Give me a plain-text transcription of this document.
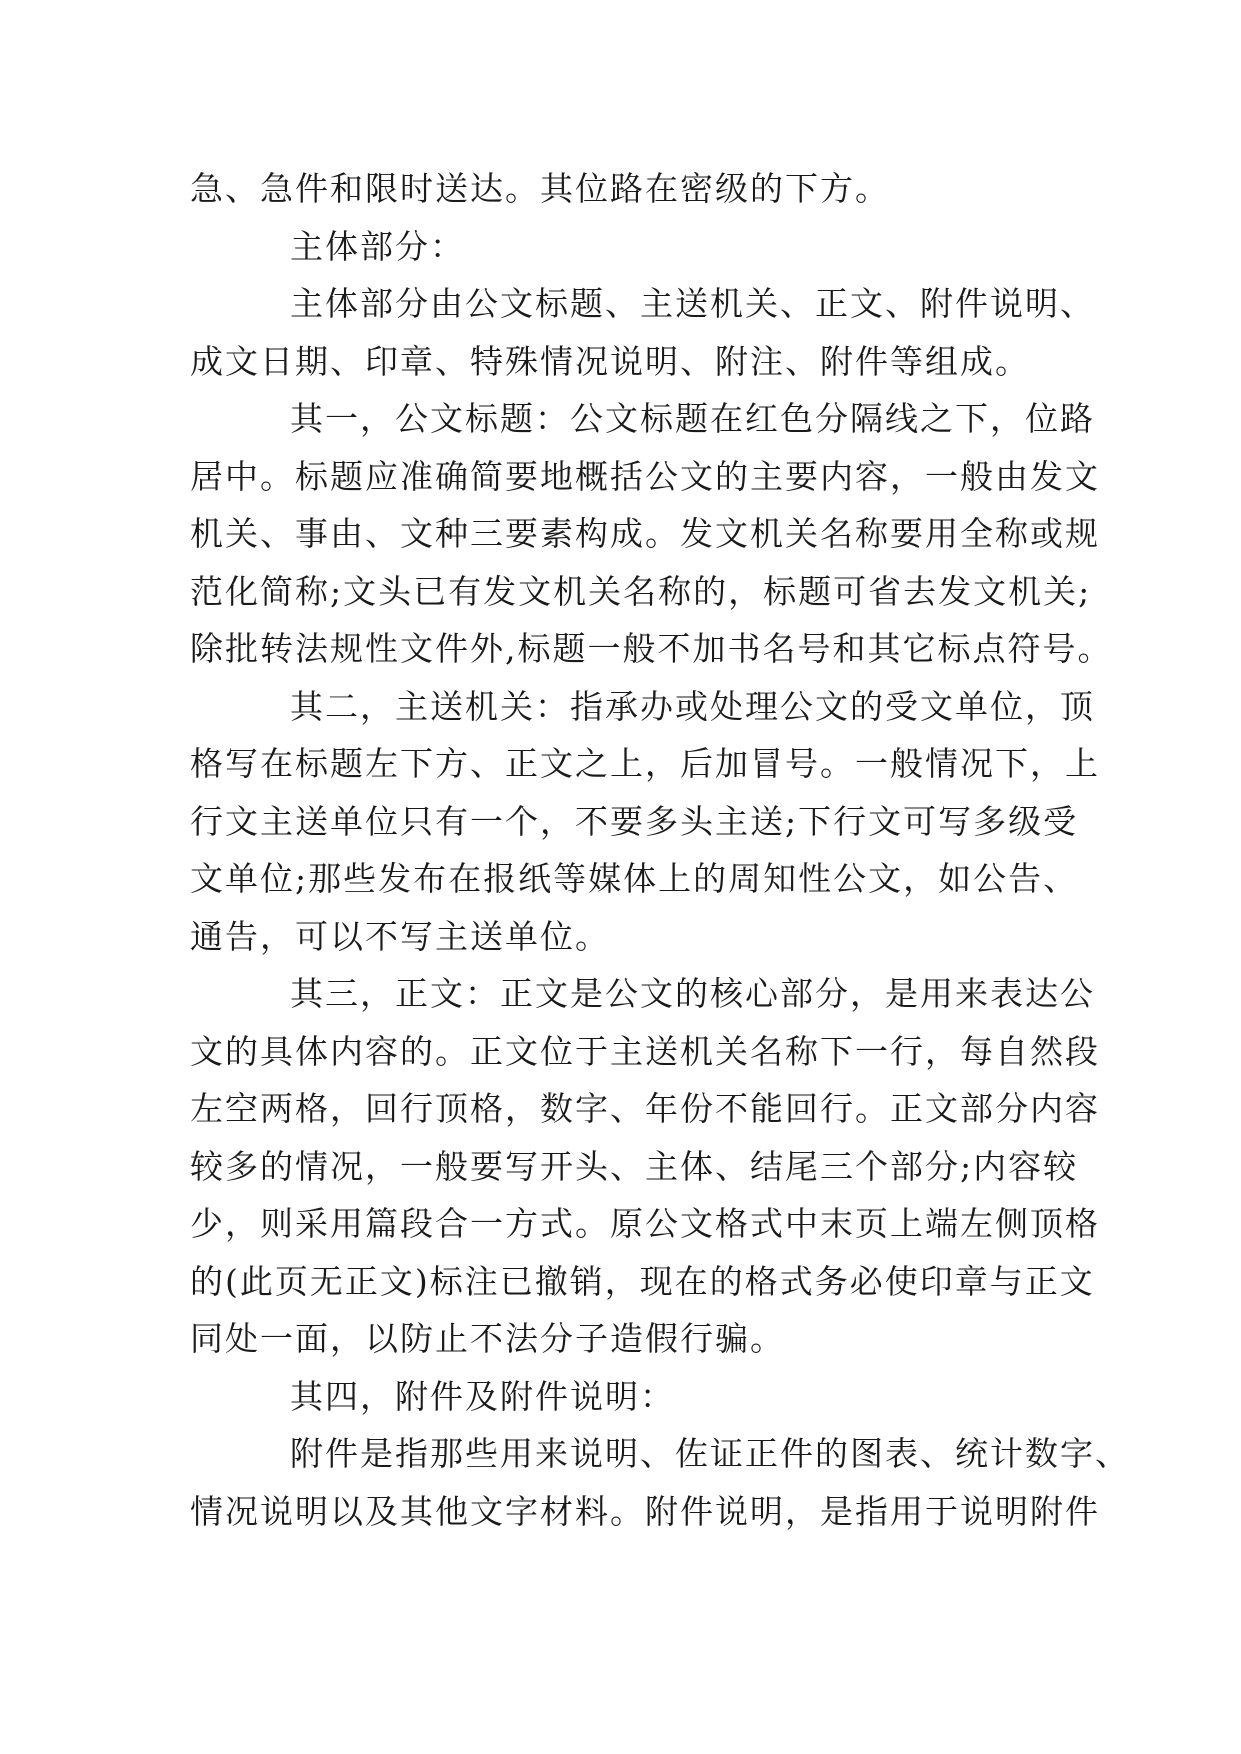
急、急件和限时送达。其位路在密级的下方。
主体部分：
主体部分由公文标题、主送机关、正文、附件说明、
成文日期、印章、特殊情况说明、附注、附件等组成。
其一，公文标题：公文标题在红色分隔线之下，位路
居中。标题应准确简要地概括公文的主要内容，一般由发文
机关、事由、文种三要素构成。发文机关名称要用全称或规
范化简称;文头已有发文机关名称的，标题可省去发文机关;
除批转法规性文件外,标题一般不加书名号和其它标点符号。
其二，主送机关：指承办或处理公文的受文单位，顶
格写在标题左下方、正文之上，后加冒号。一般情况下，上
行文主送单位只有一个，不要多头主送;下行文可写多级受
文单位;那些发布在报纸等媒体上的周知性公文，如公告、
通告，可以不写主送单位。
其三，正文：正文是公文的核心部分，是用来表达公
文的具体内容的。正文位于主送机关名称下一行，每自然段
左空两格，回行顶格，数字、年份不能回行。正文部分内容
较多的情况，一般要写开头、主体、结尾三个部分;内容较
少，则采用篇段合一方式。原公文格式中末页上端左侧顶格
的(此页无正文)标注已撤销，现在的格式务必使印章与正文
同处一面，以防止不法分子造假行骗。
其四，附件及附件说明：
附件是指那些用来说明、佐证正件的图表、统计数字、
情况说明以及其他文字材料。附件说明，是指用于说明附件
